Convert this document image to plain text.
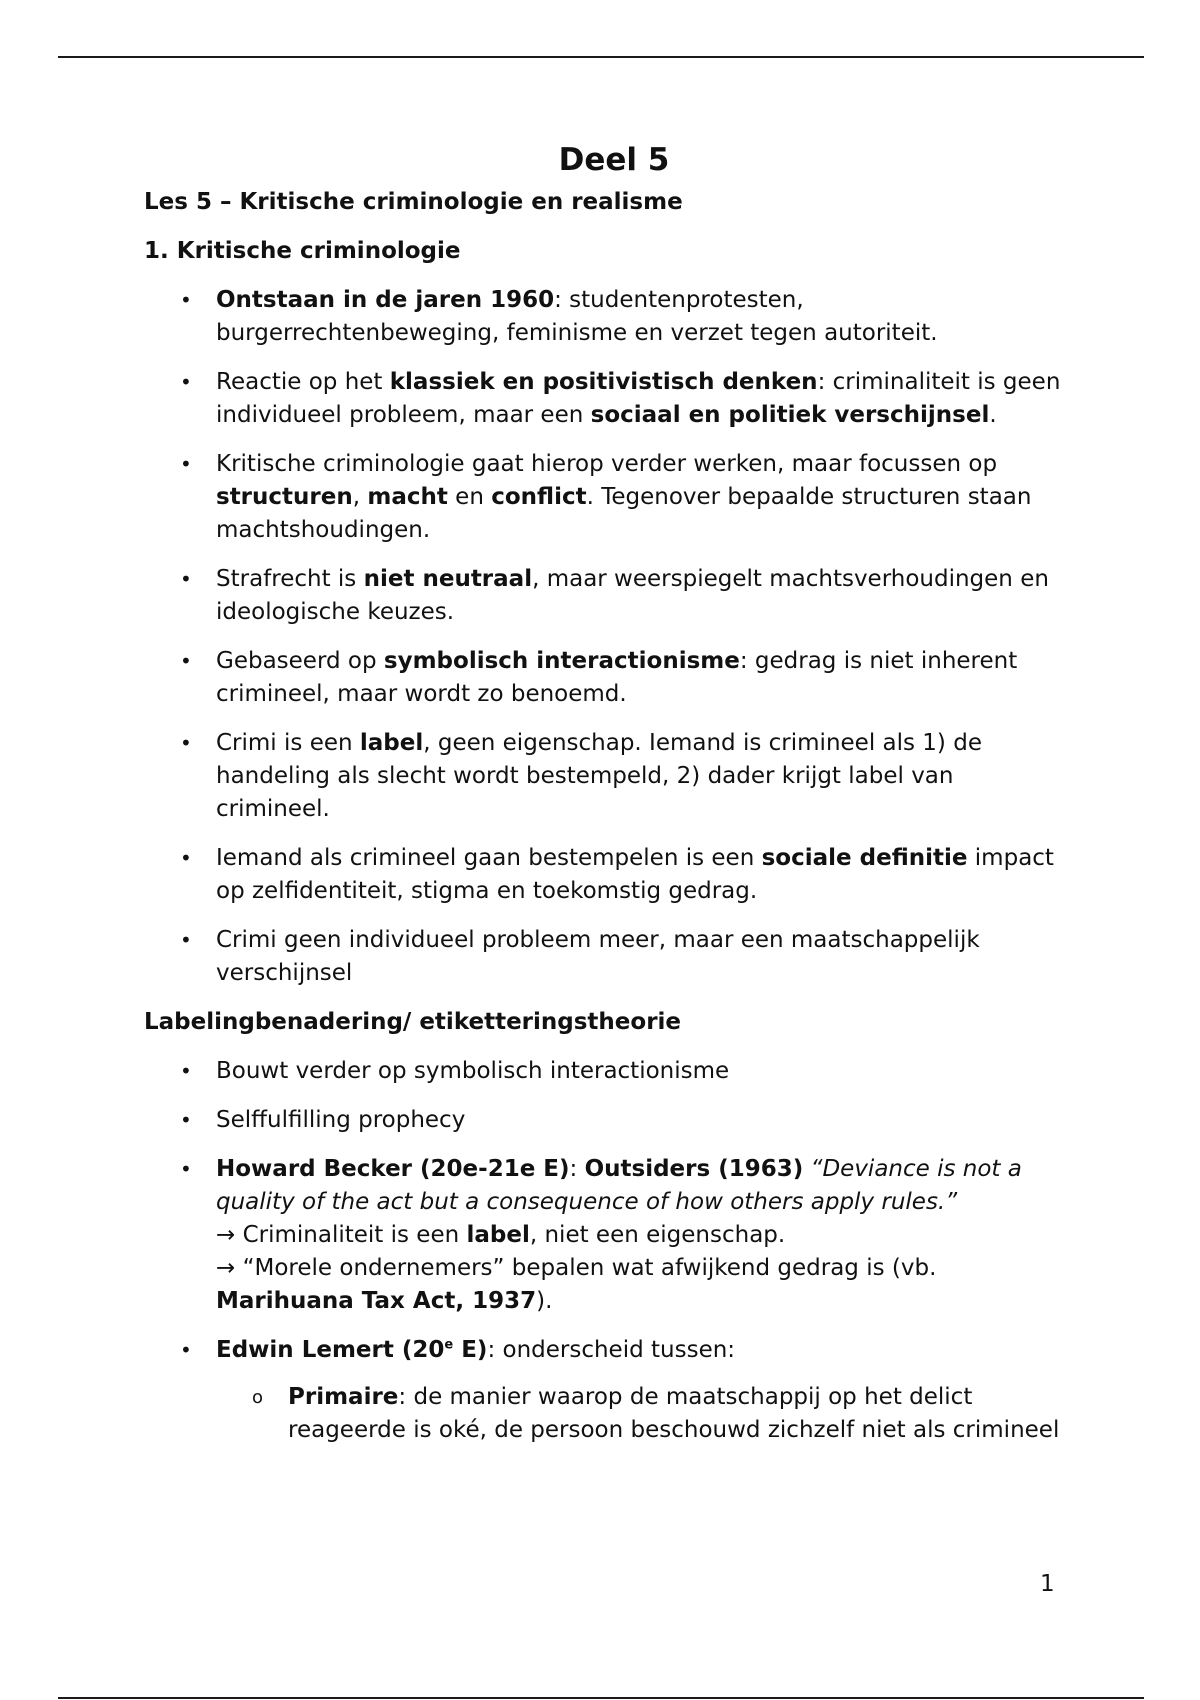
Deel 5
Les 5 – Kritische criminologie en realisme
1. Kritische criminologie
• Ontstaan in de jaren 1960: studentenprotesten, burgerrechtenbeweging, feminisme en verzet tegen autoriteit.
• Reactie op het klassiek en positivistisch denken: criminaliteit is geen individueel probleem, maar een sociaal en politiek verschijnsel.
• Kritische criminologie gaat hierop verder werken, maar focussen op structuren, macht en conflict. Tegenover bepaalde structuren staan machtshoudingen.
• Strafrecht is niet neutraal, maar weerspiegelt machtsverhoudingen en ideologische keuzes.
• Gebaseerd op symbolisch interactionisme: gedrag is niet inherent crimineel, maar wordt zo benoemd.
• Crimi is een label, geen eigenschap. Iemand is crimineel als 1) de handeling als slecht wordt bestempeld, 2) dader krijgt label van crimineel.
• Iemand als crimineel gaan bestempelen is een sociale definitie impact op zelfidentiteit, stigma en toekomstig gedrag.
• Crimi geen individueel probleem meer, maar een maatschappelijk verschijnsel
Labelingbenadering/ etiketteringstheorie
• Bouwt verder op symbolisch interactionisme
• Selffulfilling prophecy
• Howard Becker (20e-21e E): Outsiders (1963) “Deviance is not a quality of the act but a consequence of how others apply rules.”
→ Criminaliteit is een label, niet een eigenschap.
→ “Morele ondernemers” bepalen wat afwijkend gedrag is (vb. Marihuana Tax Act, 1937).
• Edwin Lemert (20e E): onderscheid tussen:
o Primaire: de manier waarop de maatschappij op het delict reageerde is oké, de persoon beschouwd zichzelf niet als crimineel
1
